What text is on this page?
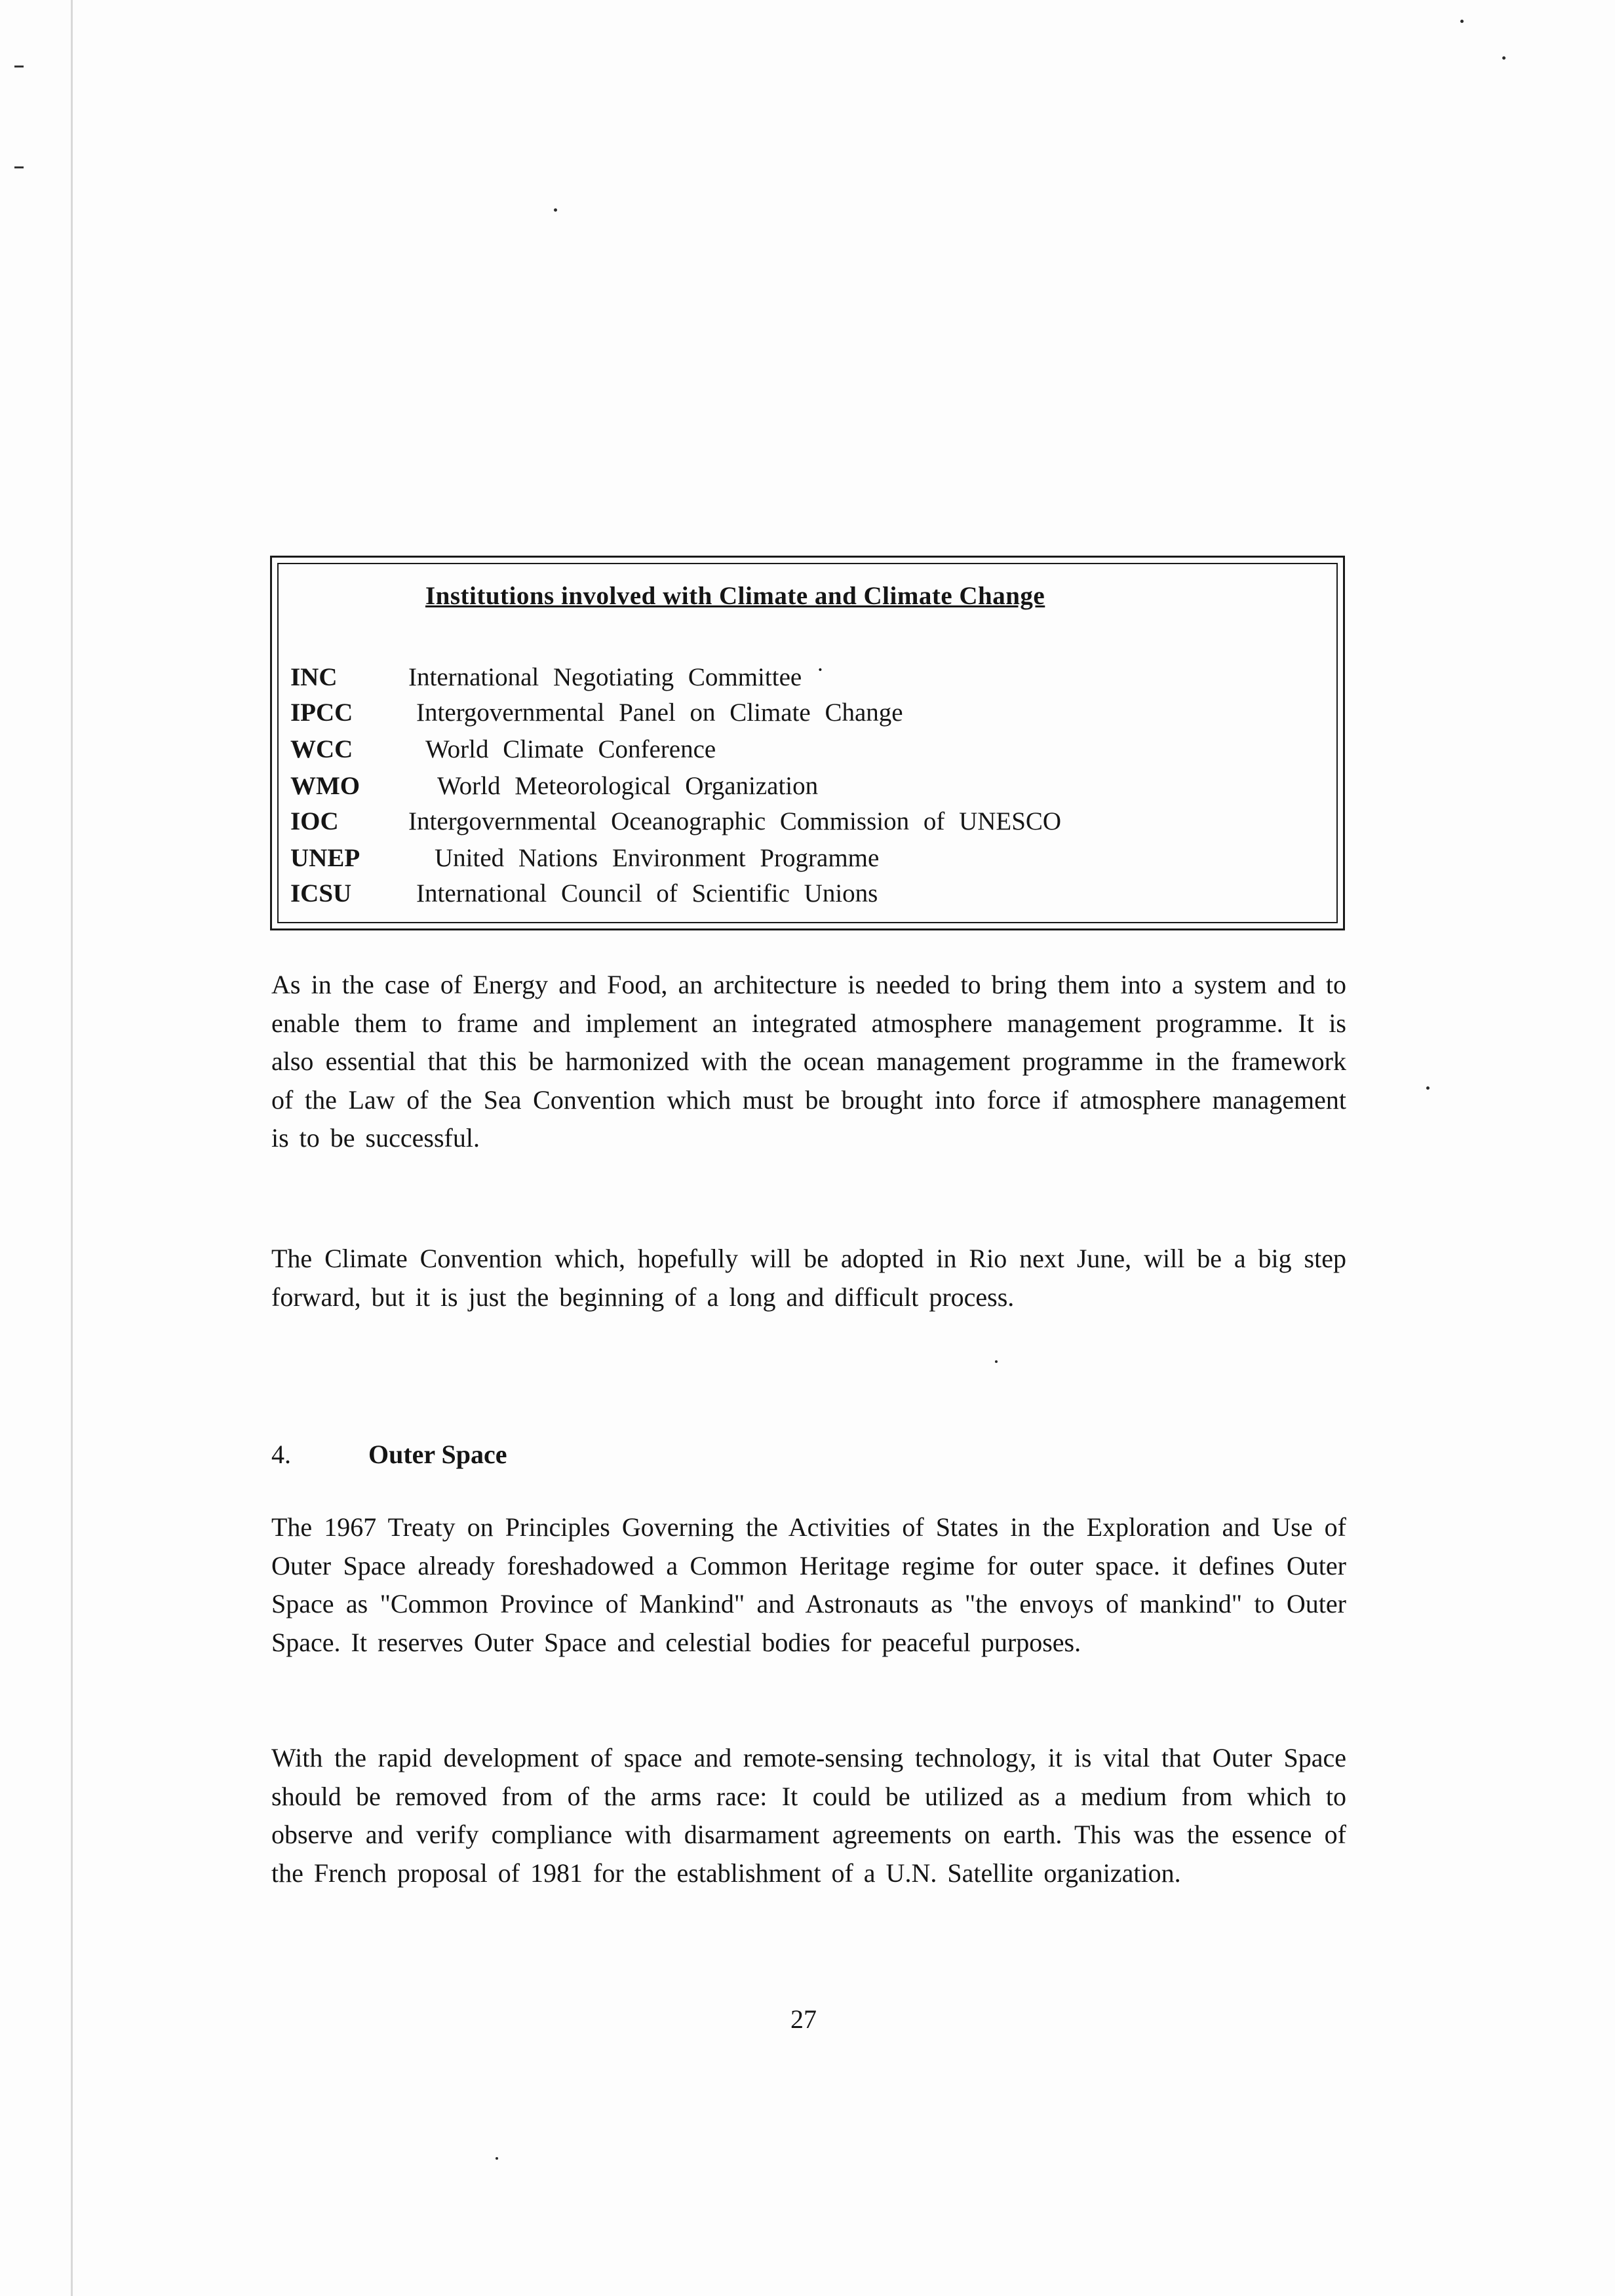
Institutions involved with Climate and Climate Change
INC	International Negotiating Committee ˙
IPCC Intergovernmental Panel on Climate Change
WCC	World Climate Conference
WMO	World Meteorological Organization
IOC	Intergovernmental Oceanographic Commission of UNESCO
UNEP	United Nations Environment Programme
ICSU	International Council of Scientific Unions
As in the case of Energy and Food, an architecture is needed to bring them into a system and to enable them to frame and implement an integrated atmosphere management programme. It is also essential that this be harmonized with the ocean management programme in the framework of the Law of the Sea Convention which must be brought into force if atmosphere management is to be successful.
The Climate Convention which, hopefully will be adopted in Rio next June, will be a big step forward, but it is just the beginning of a long and difficult process.
4.	Outer Space
The 1967 Treaty on Principles Governing the Activities of States in the Exploration and Use of Outer Space already foreshadowed a Common Heritage regime for outer space. it defines Outer Space as "Common Province of Mankind" and Astronauts as "the envoys of mankind" to Outer Space. It reserves Outer Space and celestial bodies for peaceful purposes.
With the rapid development of space and remote-sensing technology, it is vital that Outer Space should be removed from of the arms race: It could be utilized as a medium from which to observe and verify compliance with disarmament agreements on earth. This was the essence of the French proposal of 1981 for the establishment of a U.N. Satellite organization.
27
